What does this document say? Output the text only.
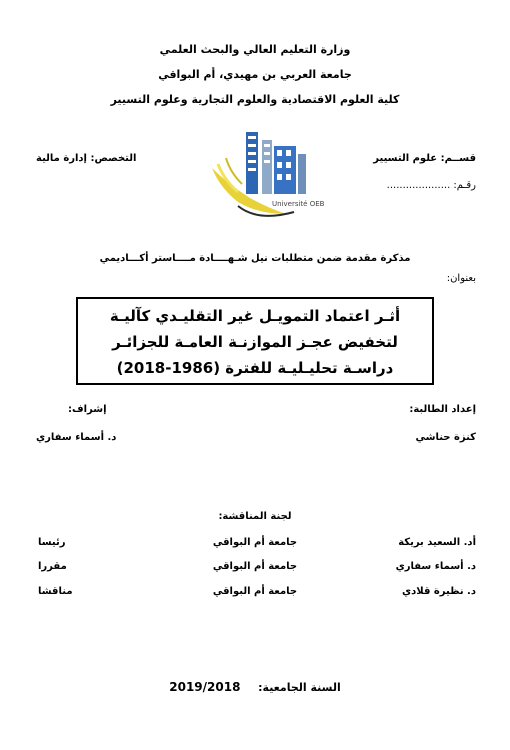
وزارة التعليم العالي والبحث العلمي
جامعة العربي بن مهيدي، أم البواقي
كلية العلوم الاقتصادية والعلوم التجارية وعلوم التسيير
Université OEB
قســم: علوم التسيير
التخصص: إدارة مالية
رقـم: ....................
مذكرة مقدمة ضمن متطلبات نيل شـهــــادة مــــاستر أكـــاديمي
بعنوان:
أثـر اعتماد التمويـل غير التقليـدي كآليـة
لتخفيض عجـز الموازنـة العامـة للجزائـر
دراسـة تحليـليـة للفترة (1986-2018)
إعداد الطالبة:
إشراف:
كنزة حناشي
د. أسماء سفاري
لجنة المناقشة:
أد. السعيد بريكة
جامعة أم البواقي
رئيسا
د. أسماء سفاري
جامعة أم البواقي
مقررا
د. نظيرة قلادي
جامعة أم البواقي
مناقشا
السنة الجامعية:  2019/2018
